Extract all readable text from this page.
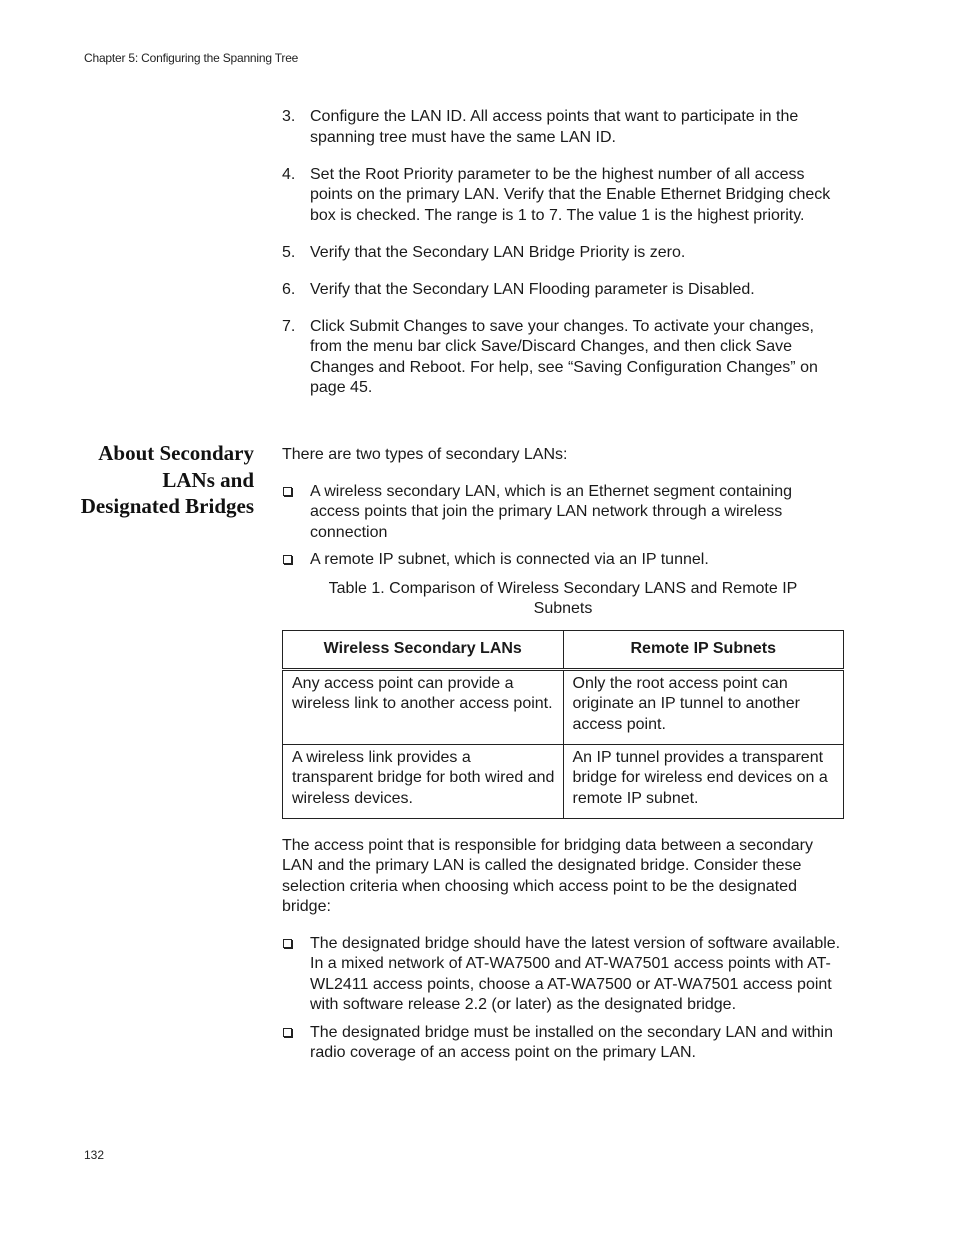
Chapter 5: Configuring the Spanning Tree
3. Configure the LAN ID. All access points that want to participate in the spanning tree must have the same LAN ID.
4. Set the Root Priority parameter to be the highest number of all access points on the primary LAN. Verify that the Enable Ethernet Bridging check box is checked. The range is 1 to 7. The value 1 is the highest priority.
5. Verify that the Secondary LAN Bridge Priority is zero.
6. Verify that the Secondary LAN Flooding parameter is Disabled.
7. Click Submit Changes to save your changes. To activate your changes, from the menu bar click Save/Discard Changes, and then click Save Changes and Reboot. For help, see “Saving Configuration Changes” on page 45.
About Secondary LANs and Designated Bridges

There are two types of secondary LANs:

A wireless secondary LAN, which is an Ethernet segment containing access points that join the primary LAN network through a wireless connection
A remote IP subnet, which is connected via an IP tunnel.
Table 1. Comparison of Wireless Secondary LANS and Remote IP Subnets
Wireless Secondary LANs	Remote IP Subnets
Any access point can provide a wireless link to another access point.	Only the root access point can originate an IP tunnel to another access point.
A wireless link provides a transparent bridge for both wired and wireless devices.	An IP tunnel provides a transparent bridge for wireless end devices on a remote IP subnet.

The access point that is responsible for bridging data between a secondary LAN and the primary LAN is called the designated bridge. Consider these selection criteria when choosing which access point to be the designated bridge:

The designated bridge should have the latest version of software available. In a mixed network of AT-WA7500 and AT-WA7501 access points with AT-WL2411 access points, choose a AT-WA7500 or AT-WA7501 access point with software release 2.2 (or later) as the designated bridge.
The designated bridge must be installed on the secondary LAN and within radio coverage of an access point on the primary LAN.
132
